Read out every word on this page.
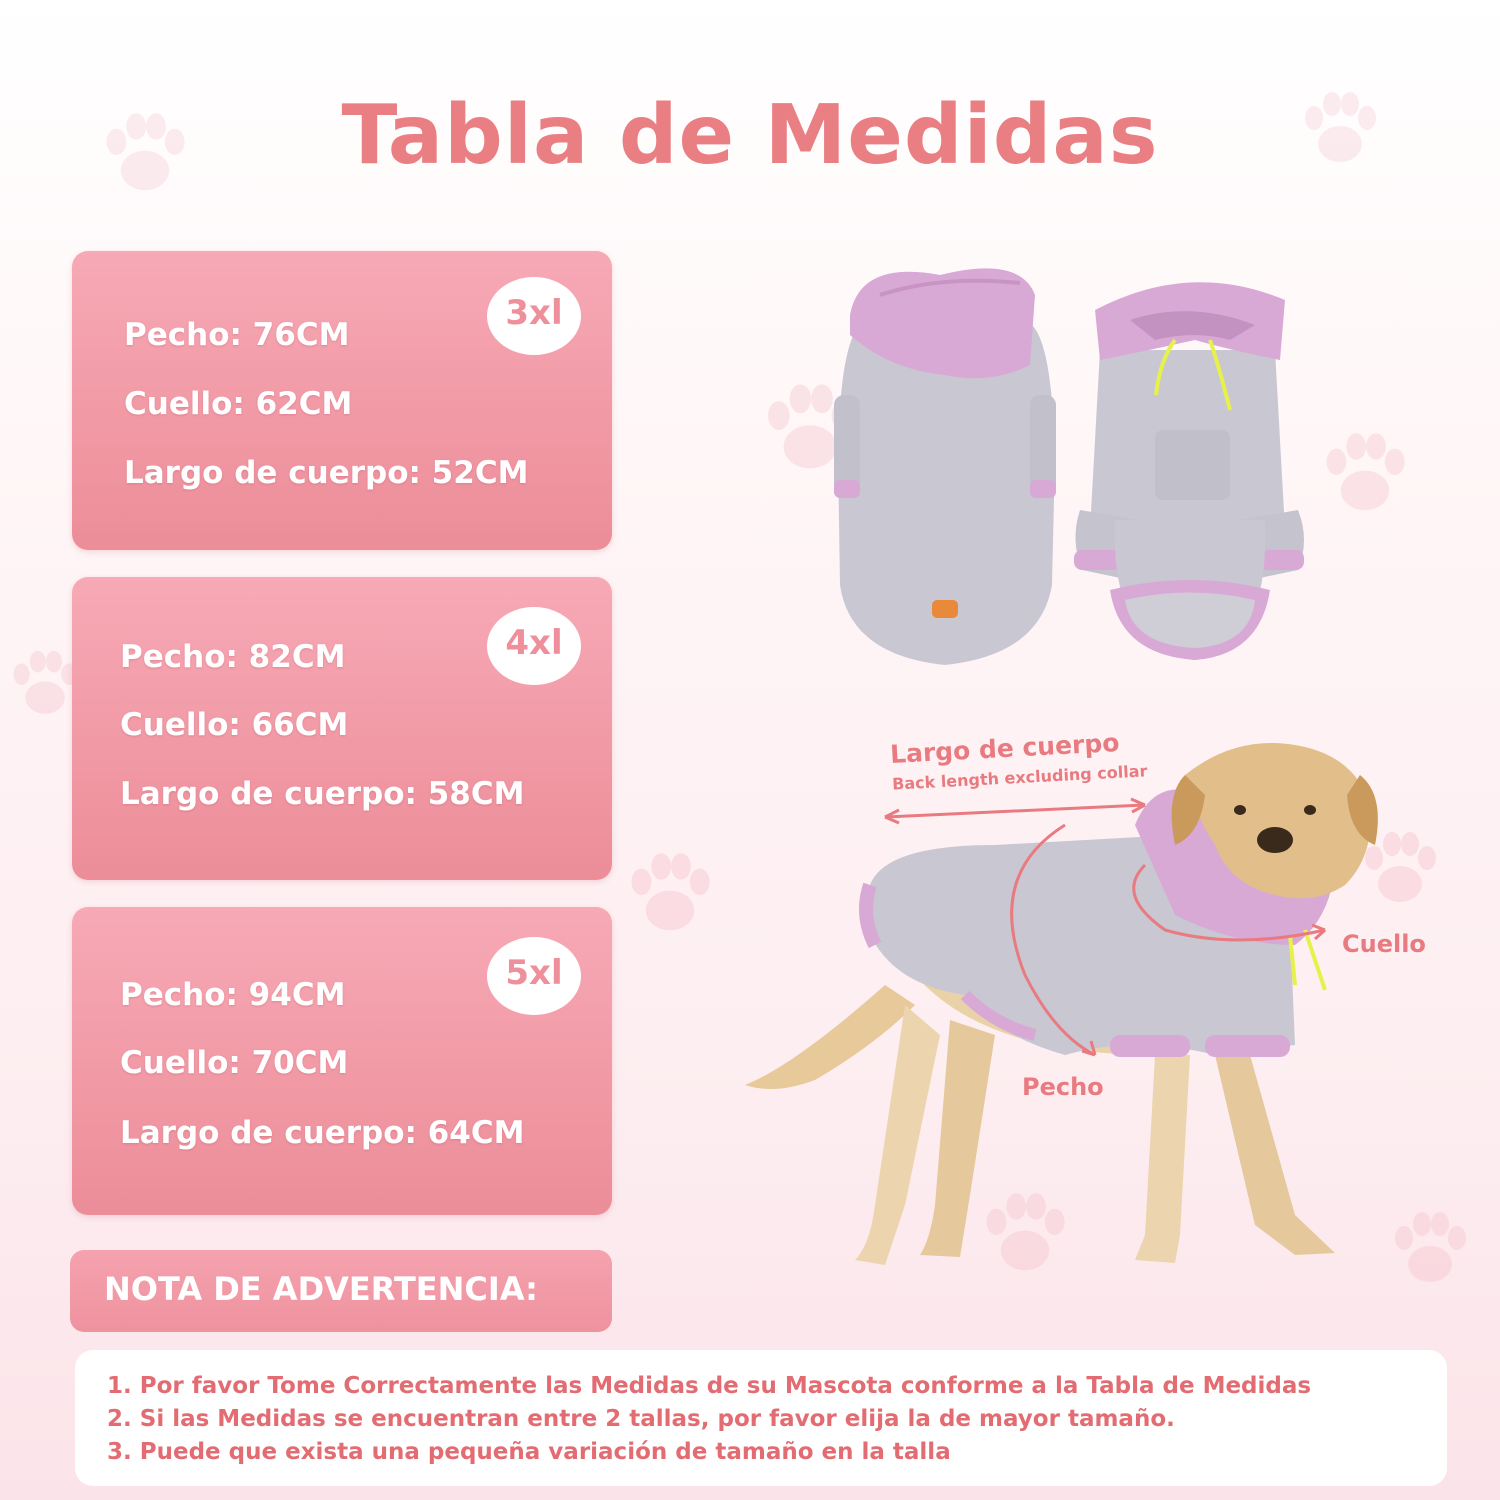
Tabla de Medidas
3xl
Pecho: 76CM
Cuello: 62CM
Largo de cuerpo: 52CM
4xl
Pecho: 82CM
Cuello: 66CM
Largo de cuerpo: 58CM
5xl
Pecho: 94CM
Cuello: 70CM
Largo de cuerpo: 64CM
Largo de cuerpo
Back length excluding collar
Cuello
Pecho
NOTA DE ADVERTENCIA:
1. Por favor Tome Correctamente las Medidas de su Mascota conforme a la Tabla de Medidas
2. Si las Medidas se encuentran entre 2 tallas, por favor elija la de mayor tamaño.
3. Puede que exista una pequeña variación de tamaño en la talla
